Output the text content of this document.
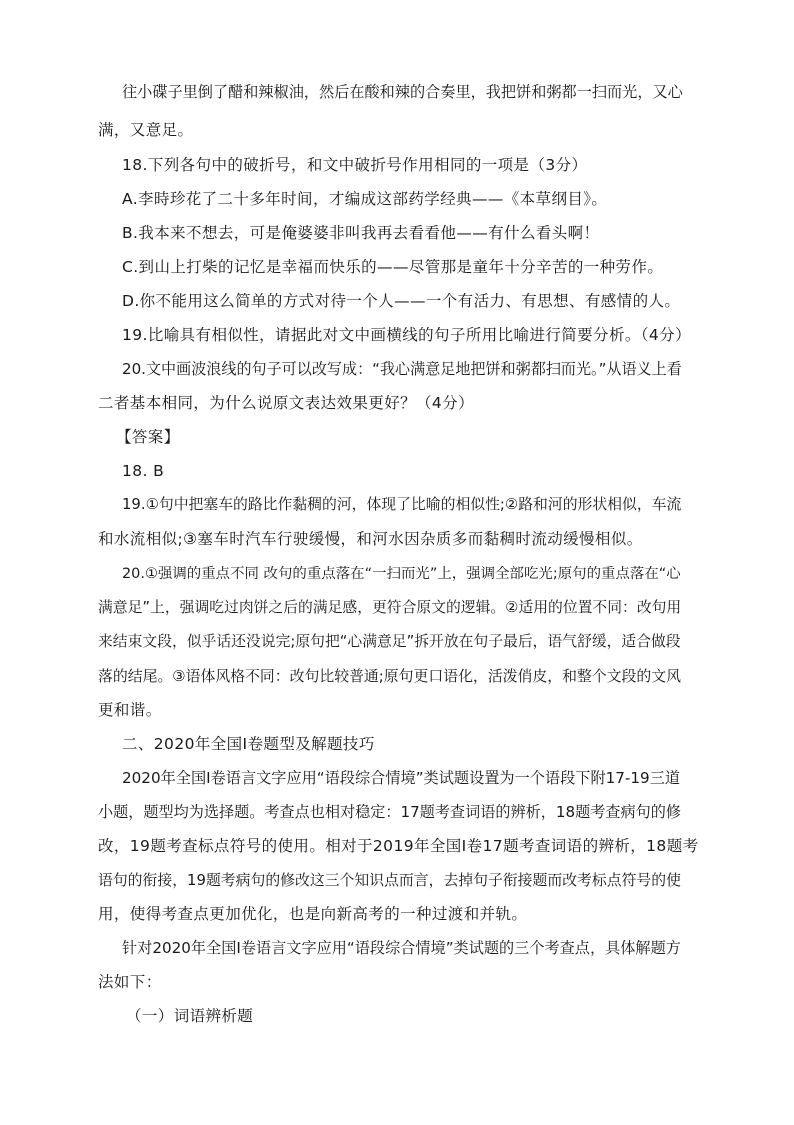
往小碟子里倒了醋和辣椒油，然后在酸和辣的合奏里，我把饼和粥都一扫而光，又心
满，又意足。
18.下列各句中的破折号，和文中破折号作用相同的一项是（3分）
A.李時珍花了二十多年时间，才编成这部药学经典——《本草纲目》。
B.我本来不想去，可是俺婆婆非叫我再去看看他——有什么看头啊！
C.到山上打柴的记忆是幸福而快乐的——尽管那是童年十分辛苦的一种劳作。
D.你不能用这么简单的方式对待一个人——一个有活力、有思想、有感情的人。
19.比喻具有相似性，请据此对文中画横线的句子所用比喻进行简要分析。（4分）
20.文中画波浪线的句子可以改写成：“我心满意足地把饼和粥都扫而光。”从语义上看
二者基本相同，为什么说原文表达效果更好？（4分）
【答案】
18. B
19.①句中把塞车的路比作黏稠的河，体现了比喻的相似性;②路和河的形状相似，车流
和水流相似;③塞车时汽车行驶缓慢，和河水因杂质多而黏稠时流动缓慢相似。
20.①强调的重点不同 改句的重点落在“一扫而光”上，强调全部吃光;原句的重点落在“心
满意足”上，强调吃过肉饼之后的满足感，更符合原文的逻辑。②适用的位置不同：改句用
来结束文段，似乎话还没说完;原句把“心满意足”拆开放在句子最后，语气舒缓，适合做段
落的结尾。③语体风格不同：改句比较普通;原句更口语化，活泼俏皮，和整个文段的文风
更和谐。
二、2020年全国Ⅰ卷题型及解题技巧
2020年全国Ⅰ卷语言文字应用“语段综合情境”类试题设置为一个语段下附17-19三道
小题，题型均为选择题。考查点也相对稳定：17题考查词语的辨析，18题考查病句的修
改，19题考查标点符号的使用。相对于2019年全国Ⅰ卷17题考查词语的辨析，18题考
语句的衔接，19题考病句的修改这三个知识点而言，去掉句子衔接题而改考标点符号的使
用，使得考查点更加优化，也是向新高考的一种过渡和并轨。
针对2020年全国Ⅰ卷语言文字应用“语段综合情境”类试题的三个考查点，具体解题方
法如下：
（一）词语辨析题
